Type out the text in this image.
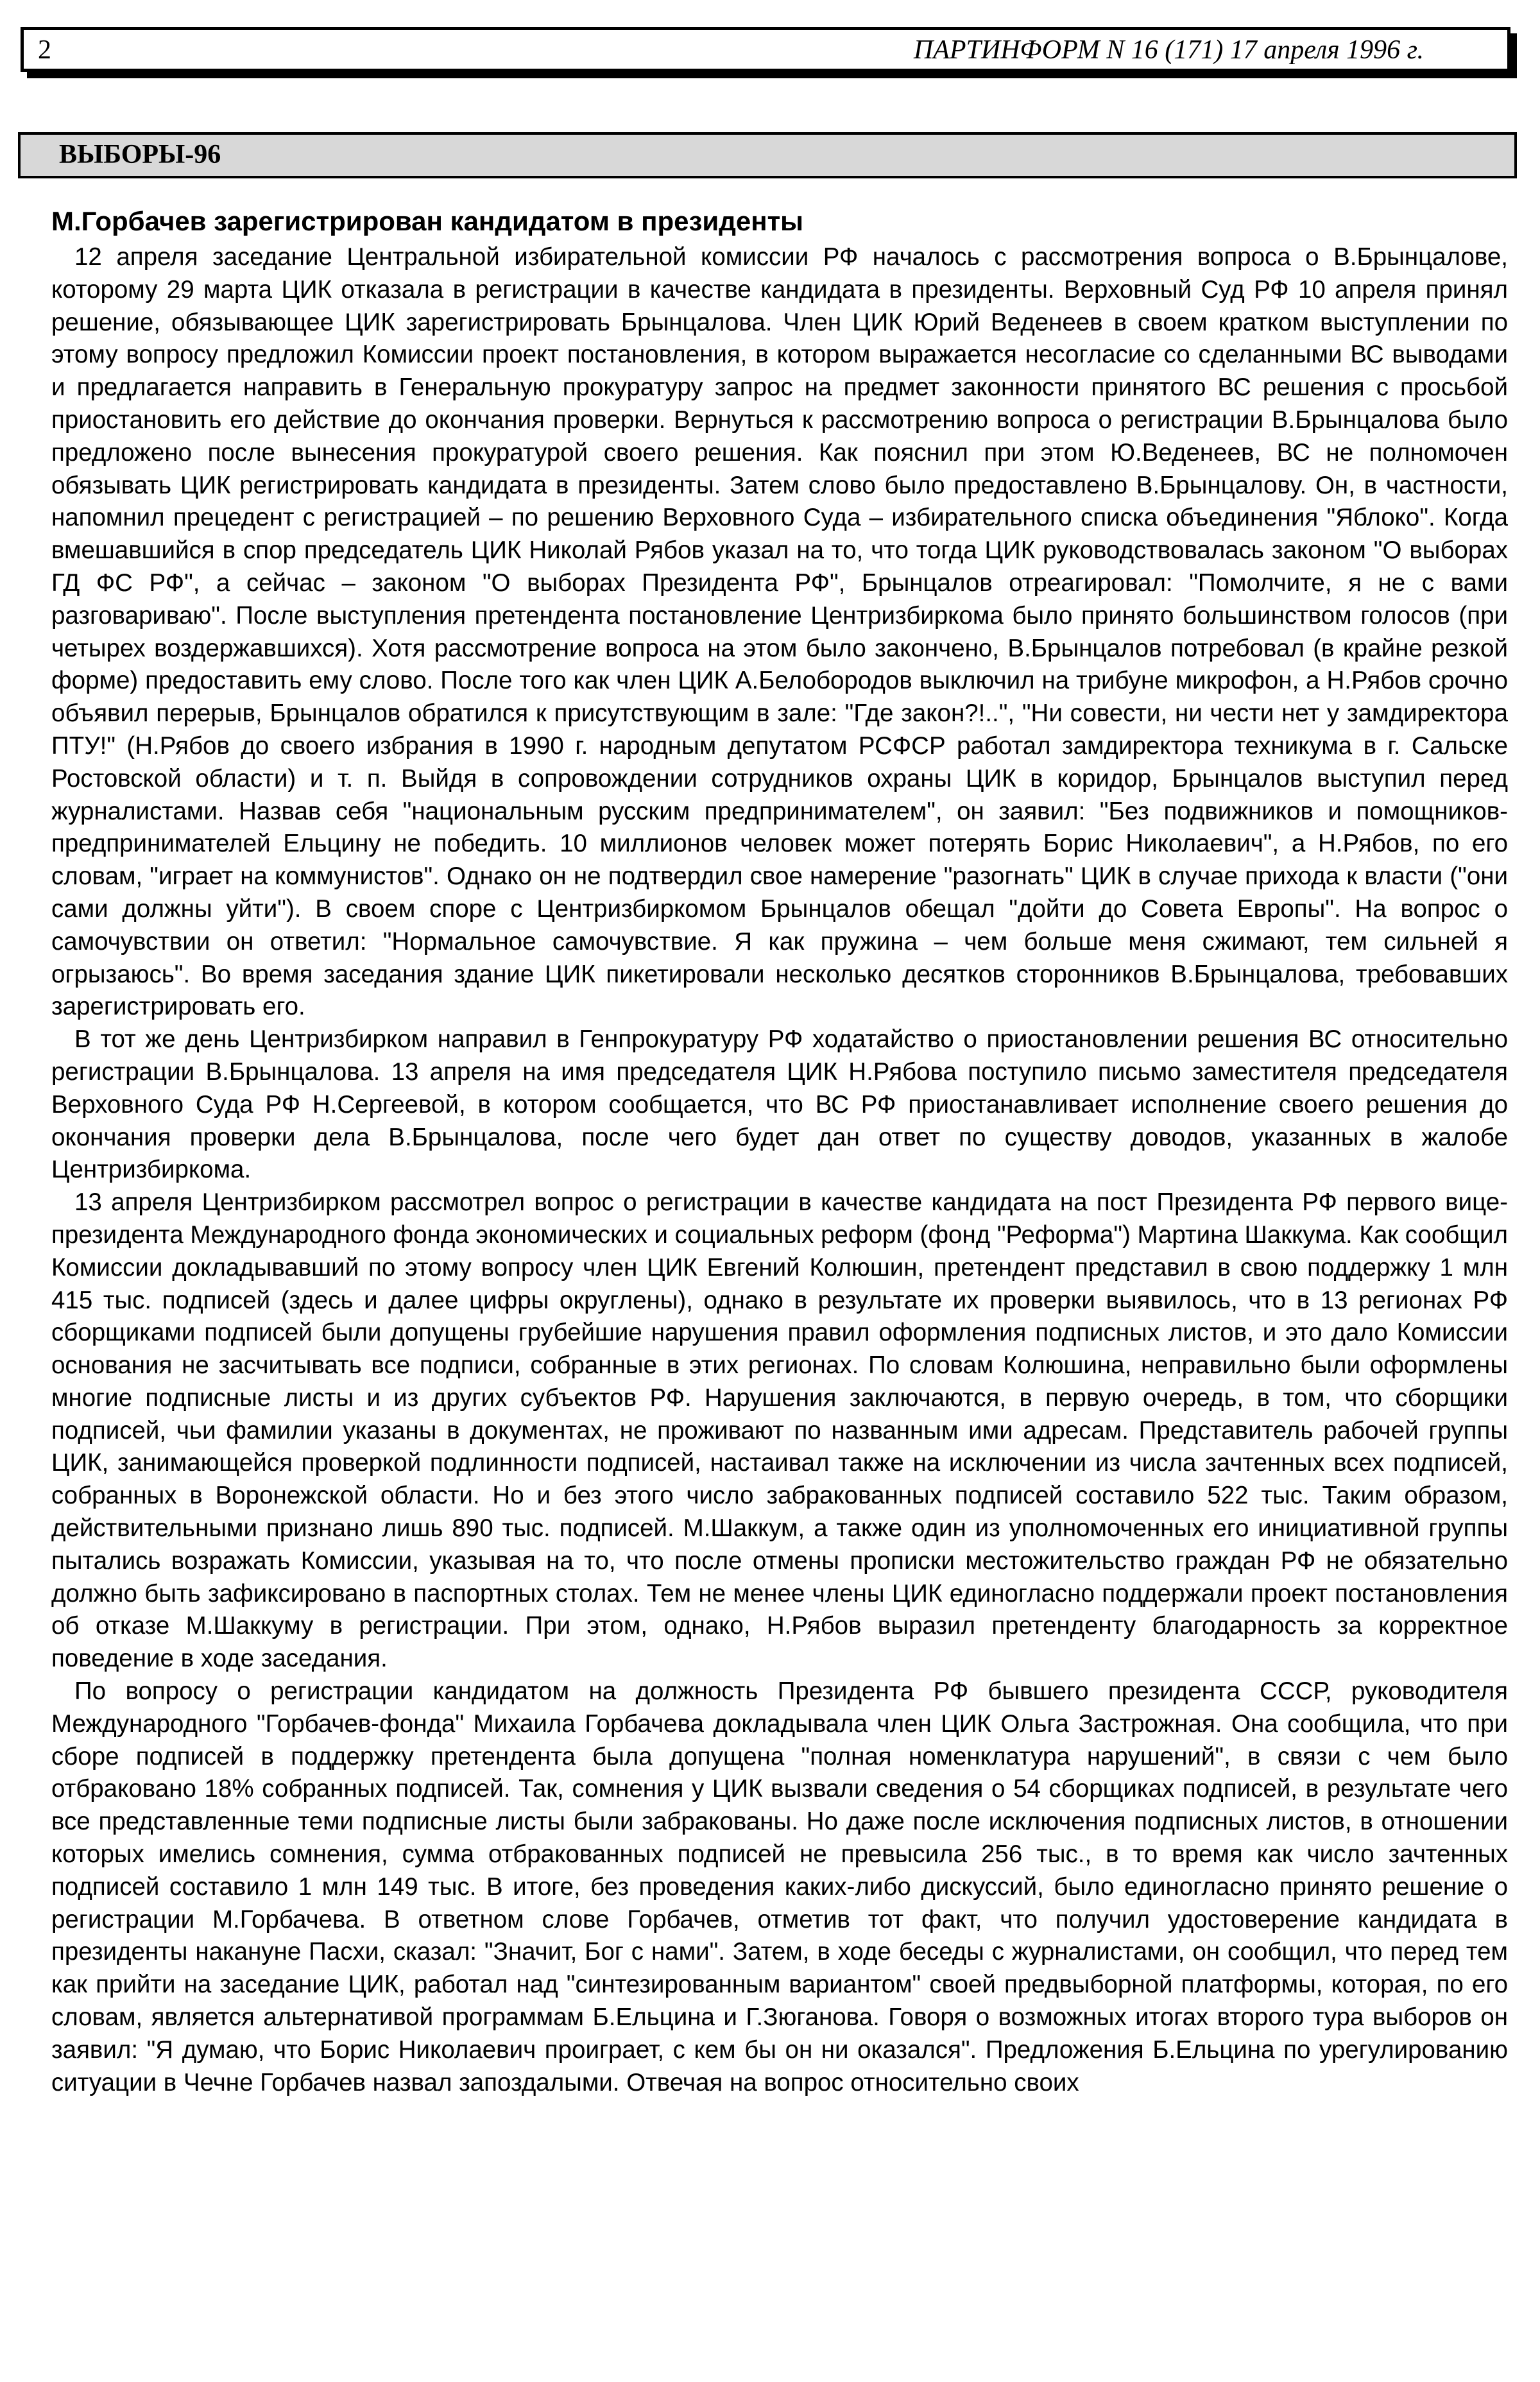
2	ПАРТИНФОРМ N 16 (171) 17 апреля 1996 г.
ВЫБОРЫ-96
М.Горбачев зарегистрирован кандидатом в президенты

12 апреля заседание Центральной избирательной комиссии РФ началось с рассмотрения вопроса о В.Брынцалове, которому 29 марта ЦИК отказала в регистрации в качестве кандидата в президенты. Верховный Суд РФ 10 апреля принял решение, обязывающее ЦИК зарегистрировать Брынцалова. Член ЦИК Юрий Веденеев в своем кратком выступлении по этому вопросу предложил Комиссии проект постановления, в котором выражается несогласие со сделанными ВС выводами и предлагается направить в Генеральную прокуратуру запрос на предмет законности принятого ВС решения с просьбой приостановить его действие до окончания проверки. Вернуться к рассмотрению вопроса о регистрации В.Брынцалова было предложено после вынесения прокуратурой своего решения. Как пояснил при этом Ю.Веденеев, ВС не полномочен обязывать ЦИК регистрировать кандидата в президенты. Затем слово было предоставлено В.Брынцалову. Он, в частности, напомнил прецедент с регистрацией – по решению Верховного Суда – избирательного списка объединения "Яблоко". Когда вмешавшийся в спор председатель ЦИК Николай Рябов указал на то, что тогда ЦИК руководствовалась законом "О выборах ГД ФС РФ", а сейчас – законом "О выборах Президента РФ", Брынцалов отреагировал: "Помолчите, я не с вами разговариваю". После выступления претендента постановление Центризбиркома было принято большинством голосов (при четырех воздержавшихся). Хотя рассмотрение вопроса на этом было закончено, В.Брынцалов потребовал (в крайне резкой форме) предоставить ему слово. После того как член ЦИК А.Белобородов выключил на трибуне микрофон, а Н.Рябов срочно объявил перерыв, Брынцалов обратился к присутствующим в зале: "Где закон?!..", "Ни совести, ни чести нет у замдиректора ПТУ!" (Н.Рябов до своего избрания в 1990 г. народным депутатом РСФСР работал замдиректора техникума в г. Сальске Ростовской области) и т. п. Выйдя в сопровождении сотрудников охраны ЦИК в коридор, Брынцалов выступил перед журналистами. Назвав себя "национальным русским предпринимателем", он заявил: "Без подвижников и помощников-предпринимателей Ельцину не победить. 10 миллионов человек может потерять Борис Николаевич", а Н.Рябов, по его словам, "играет на коммунистов". Однако он не подтвердил свое намерение "разогнать" ЦИК в случае прихода к власти ("они сами должны уйти"). В своем споре с Центризбиркомом Брынцалов обещал "дойти до Совета Европы". На вопрос о самочувствии он ответил: "Нормальное самочувствие. Я как пружина – чем больше меня сжимают, тем сильней я огрызаюсь". Во время заседания здание ЦИК пикетировали несколько десятков сторонников В.Брынцалова, требовавших зарегистрировать его.

В тот же день Центризбирком направил в Генпрокуратуру РФ ходатайство о приостановлении решения ВС относительно регистрации В.Брынцалова. 13 апреля на имя председателя ЦИК Н.Рябова поступило письмо заместителя председателя Верховного Суда РФ Н.Сергеевой, в котором сообщается, что ВС РФ приостанавливает исполнение своего решения до окончания проверки дела В.Брынцалова, после чего будет дан ответ по существу доводов, указанных в жалобе Центризбиркома.

13 апреля Центризбирком рассмотрел вопрос о регистрации в качестве кандидата на пост Президента РФ первого вице-президента Международного фонда экономических и социальных реформ (фонд "Реформа") Мартина Шаккума. Как сообщил Комиссии докладывавший по этому вопросу член ЦИК Евгений Колюшин, претендент представил в свою поддержку 1 млн 415 тыс. подписей (здесь и далее цифры округлены), однако в результате их проверки выявилось, что в 13 регионах РФ сборщиками подписей были допущены грубейшие нарушения правил оформления подписных листов, и это дало Комиссии основания не засчитывать все подписи, собранные в этих регионах. По словам Колюшина, неправильно были оформлены многие подписные листы и из других субъектов РФ. Нарушения заключаются, в первую очередь, в том, что сборщики подписей, чьи фамилии указаны в документах, не проживают по названным ими адресам. Представитель рабочей группы ЦИК, занимающейся проверкой подлинности подписей, настаивал также на исключении из числа зачтенных всех подписей, собранных в Воронежской области. Но и без этого число забракованных подписей составило 522 тыс. Таким образом, действительными признано лишь 890 тыс. подписей. М.Шаккум, а также один из уполномоченных его инициативной группы пытались возражать Комиссии, указывая на то, что после отмены прописки местожительство граждан РФ не обязательно должно быть зафиксировано в паспортных столах. Тем не менее члены ЦИК единогласно поддержали проект постановления об отказе М.Шаккуму в регистрации. При этом, однако, Н.Рябов выразил претенденту благодарность за корректное поведение в ходе заседания.

По вопросу о регистрации кандидатом на должность Президента РФ бывшего президента СССР, руководителя Международного "Горбачев-фонда" Михаила Горбачева докладывала член ЦИК Ольга Застрожная. Она сообщила, что при сборе подписей в поддержку претендента была допущена "полная номенклатура нарушений", в связи с чем было отбраковано 18% собранных подписей. Так, сомнения у ЦИК вызвали сведения о 54 сборщиках подписей, в результате чего все представленные теми подписные листы были забракованы. Но даже после исключения подписных листов, в отношении которых имелись сомнения, сумма отбракованных подписей не превысила 256 тыс., в то время как число зачтенных подписей составило 1 млн 149 тыс. В итоге, без проведения каких-либо дискуссий, было единогласно принято решение о регистрации М.Горбачева. В ответном слове Горбачев, отметив тот факт, что получил удостоверение кандидата в президенты накануне Пасхи, сказал: "Значит, Бог с нами". Затем, в ходе беседы с журналистами, он сообщил, что перед тем как прийти на заседание ЦИК, работал над "синтезированным вариантом" своей предвыборной платформы, которая, по его словам, является альтернативой программам Б.Ельцина и Г.Зюганова. Говоря о возможных итогах второго тура выборов он заявил: "Я думаю, что Борис Николаевич проиграет, с кем бы он ни оказался". Предложения Б.Ельцина по урегулированию ситуации в Чечне Горбачев назвал запоздалыми. Отвечая на вопрос относительно своих
